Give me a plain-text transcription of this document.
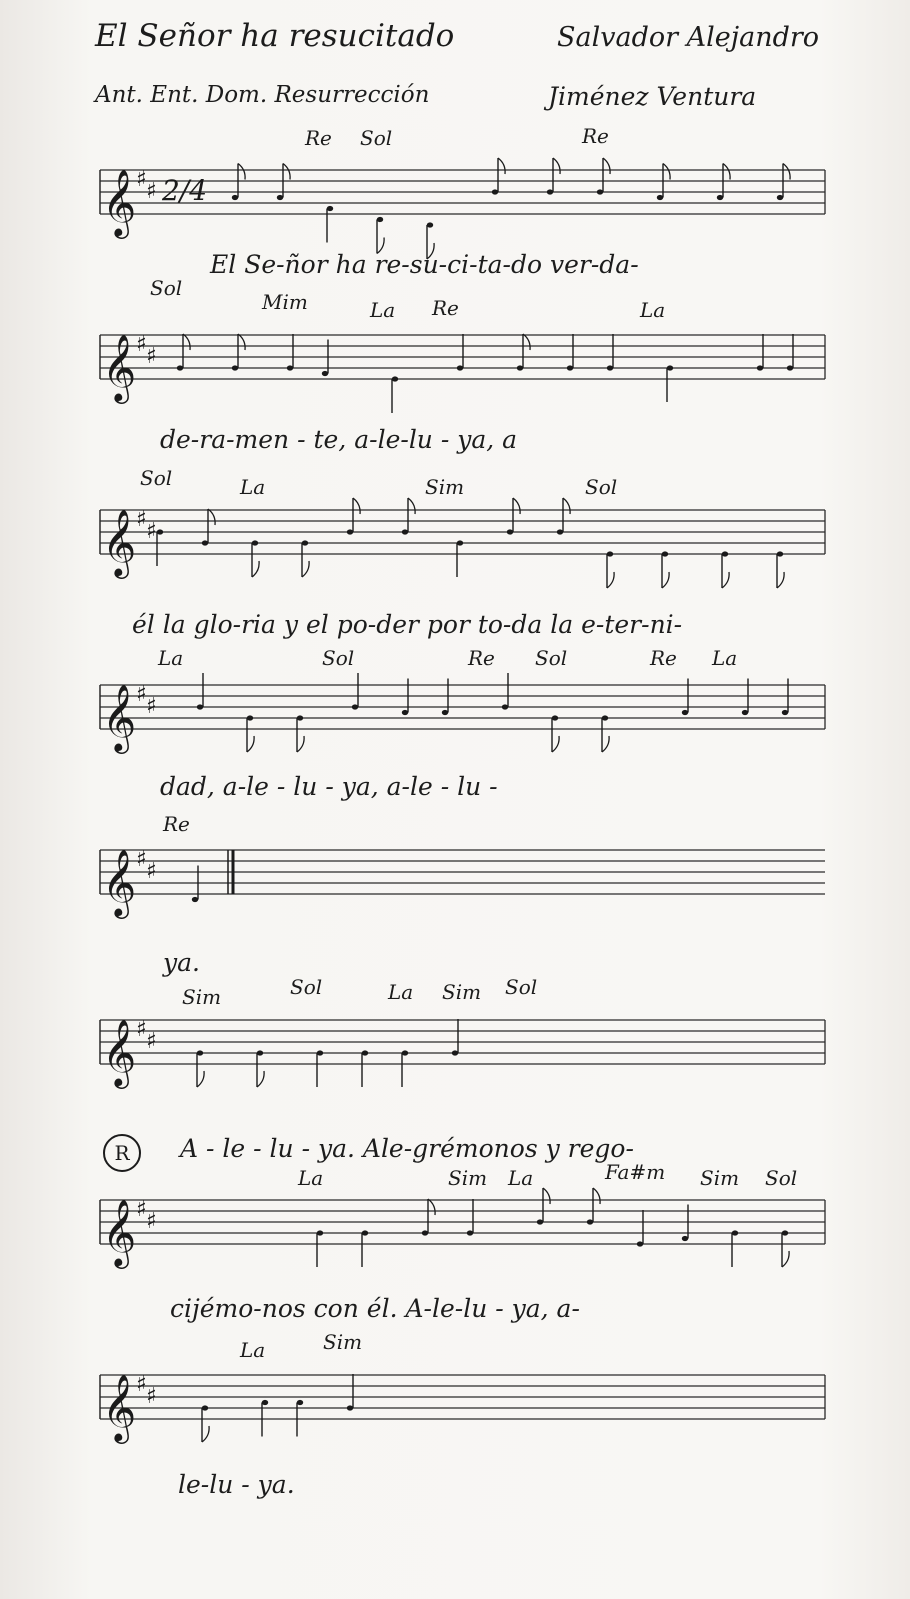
El Señor ha resucitado
Ant. Ent. Dom. Resurrección
Salvador Alejandro
Jiménez Ventura
Re Sol	Re
𝄞 ♯ ♯ 2/4
El Se-ñor ha re-su-ci-ta-do ver-da-
Sol
Mim	La Re	La
𝄞 ♯ ♯
de-ra-men - te, a-le-lu - ya, a
Sol	La	Sim	Sol
𝄞 ♯ ♯
él la glo-ria y el po-der por to-da la e-ter-ni-
La	Sol	Re Sol	Re La
𝄞 ♯ ♯
dad, a-le - lu - ya, a-le - lu -
Re
𝄞 ♯ ♯
ya.
Sim	Sol	La Sim Sol
𝄞 ♯ ♯
R	A - le - lu - ya. Ale-grémonos y rego-
La	Sim La	Fa#m Sim Sol
𝄞 ♯ ♯
cijémo-nos con él. A-le-lu - ya, a-
La	Sim
𝄞 ♯ ♯
le-lu - ya.
